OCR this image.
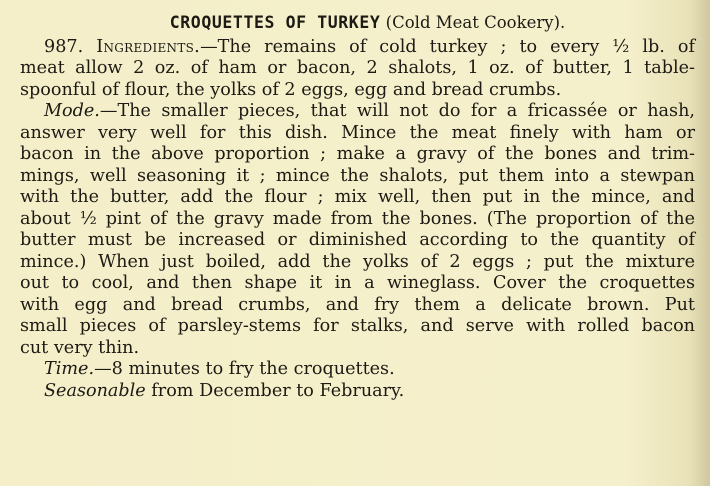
CROQUETTES OF TURKEY (Cold Meat Cookery).
987. Ingredients.—The remains of cold turkey ; to every ½ lb. of
meat allow 2 oz. of ham or bacon, 2 shalots, 1 oz. of butter, 1 table-
spoonful of flour, the yolks of 2 eggs, egg and bread crumbs.
Mode.—The smaller pieces, that will not do for a fricassée or hash,
answer very well for this dish. Mince the meat finely with ham or
bacon in the above proportion ; make a gravy of the bones and trim-
mings, well seasoning it ; mince the shalots, put them into a stewpan
with the butter, add the flour ; mix well, then put in the mince, and
about ½ pint of the gravy made from the bones. (The proportion of the
butter must be increased or diminished according to the quantity of
mince.) When just boiled, add the yolks of 2 eggs ; put the mixture
out to cool, and then shape it in a wineglass. Cover the croquettes
with egg and bread crumbs, and fry them a delicate brown. Put
small pieces of parsley-stems for stalks, and serve with rolled bacon
cut very thin.
Time.—8 minutes to fry the croquettes.
Seasonable from December to February.
